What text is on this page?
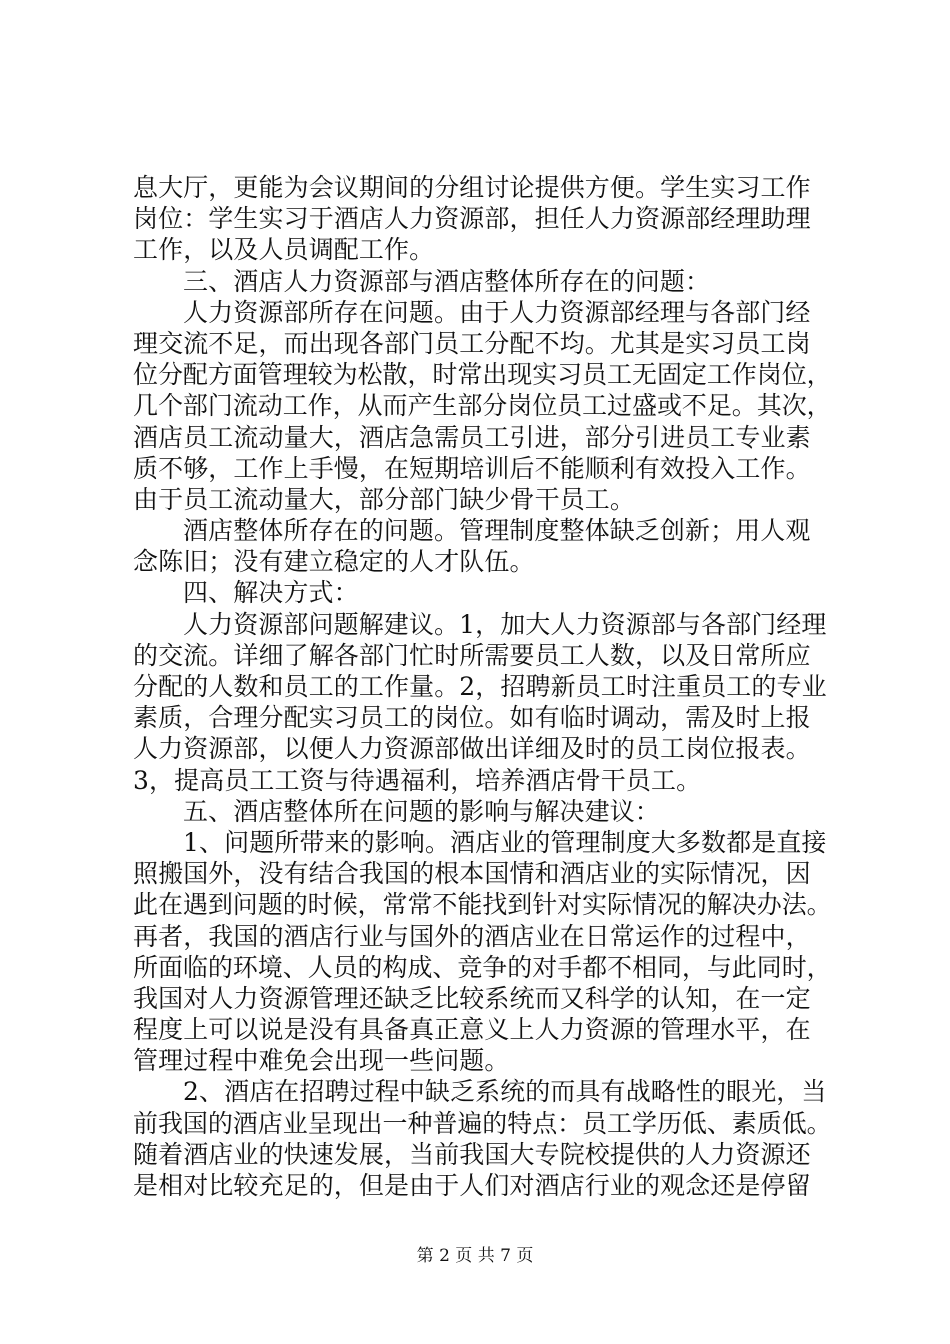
息大厅，更能为会议期间的分组讨论提供方便。学生实习工作
岗位：学生实习于酒店人力资源部，担任人力资源部经理助理
工作，以及人员调配工作。
三、酒店人力资源部与酒店整体所存在的问题：
人力资源部所存在问题。由于人力资源部经理与各部门经
理交流不足，而出现各部门员工分配不均。尤其是实习员工岗
位分配方面管理较为松散，时常出现实习员工无固定工作岗位，
几个部门流动工作，从而产生部分岗位员工过盛或不足。其次，
酒店员工流动量大，酒店急需员工引进，部分引进员工专业素
质不够，工作上手慢，在短期培训后不能顺利有效投入工作。
由于员工流动量大，部分部门缺少骨干员工。
酒店整体所存在的问题。管理制度整体缺乏创新；用人观
念陈旧；没有建立稳定的人才队伍。
四、解决方式：
人力资源部问题解建议。1，加大人力资源部与各部门经理
的交流。详细了解各部门忙时所需要员工人数，以及日常所应
分配的人数和员工的工作量。2，招聘新员工时注重员工的专业
素质，合理分配实习员工的岗位。如有临时调动，需及时上报
人力资源部，以便人力资源部做出详细及时的员工岗位报表。
3，提高员工工资与待遇福利，培养酒店骨干员工。
五、酒店整体所在问题的影响与解决建议：
1、问题所带来的影响。酒店业的管理制度大多数都是直接
照搬国外，没有结合我国的根本国情和酒店业的实际情况，因
此在遇到问题的时候，常常不能找到针对实际情况的解决办法。
再者，我国的酒店行业与国外的酒店业在日常运作的过程中，
所面临的环境、人员的构成、竞争的对手都不相同，与此同时，
我国对人力资源管理还缺乏比较系统而又科学的认知，在一定
程度上可以说是没有具备真正意义上人力资源的管理水平，在
管理过程中难免会出现一些问题。
2、酒店在招聘过程中缺乏系统的而具有战略性的眼光，当
前我国的酒店业呈现出一种普遍的特点：员工学历低、素质低。
随着酒店业的快速发展，当前我国大专院校提供的人力资源还
是相对比较充足的，但是由于人们对酒店行业的观念还是停留
第 2 页 共 7 页
